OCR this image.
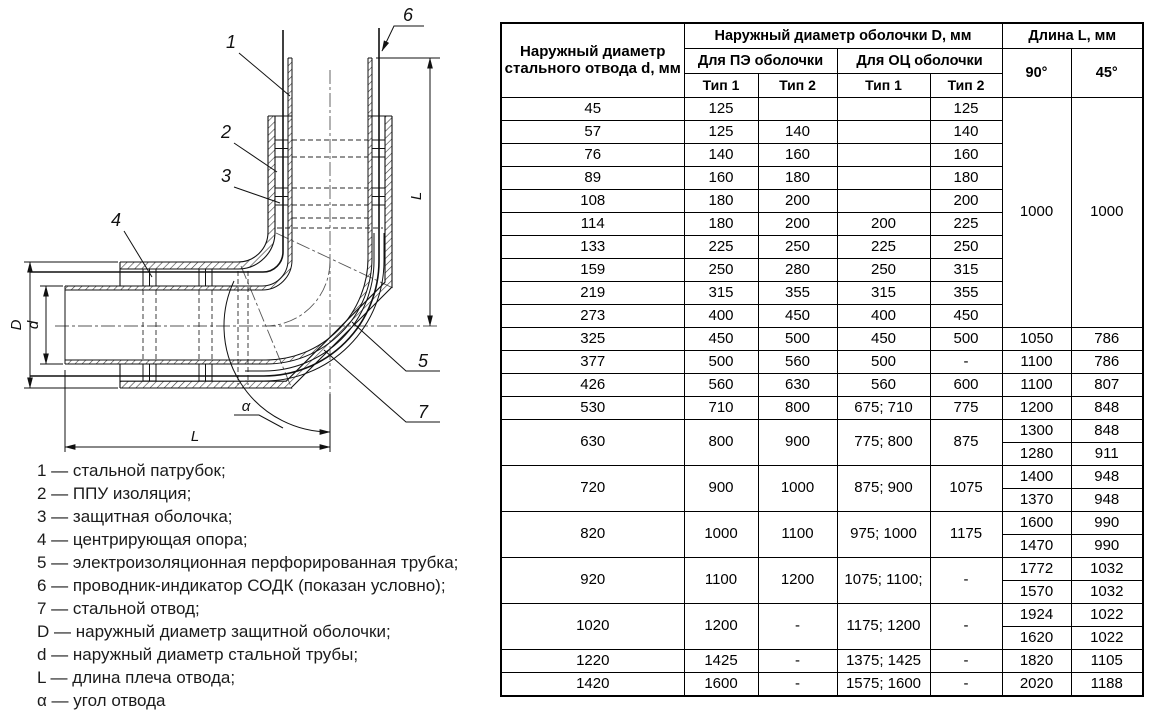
D d
L
L
α
1
2
3
4
5
6
7
1 — стальной патрубок;
2 — ППУ изоляция;
3 — защитная оболочка;
4 — центрирующая опора;
5 — электроизоляционная перфорированная трубка;
6 — проводник-индикатор СОДК (показан условно);
7 — стальной отвод;
D — наружный диаметр защитной оболочки;
d — наружный диаметр стальной трубы;
L — длина плеча отвода;
α — угол отвода
Наружный диаметр стального отвода d, мм	Наружный диаметр оболочки D, мм				Длина L, мм	
	Для ПЭ оболочки		Для ОЦ оболочки		90°	45°
	Тип 1	Тип 2	Тип 1	Тип 2		
45	125			125	1000	1000
57	125	140		140		
76	140	160		160		
89	160	180		180		
108	180	200		200		
114	180	200	200	225		
133	225	250	225	250		
159	250	280	250	315		
219	315	355	315	355		
273	400	450	400	450		
325	450	500	450	500	1050	786
377	500	560	500	-	1100	786
426	560	630	560	600	1100	807
530	710	800	675; 710	775	1200	848
630	800	900	775; 800	875	1300	848
					1280	911
720	900	1000	875; 900	1075	1400	948
					1370	948
820	1000	1100	975; 1000	1175	1600	990
					1470	990
920	1100	1200	1075; 1100;	-	1772	1032
					1570	1032
1020	1200	-	1175; 1200	-	1924	1022
					1620	1022
1220	1425	-	1375; 1425	-	1820	1105
1420	1600	-	1575; 1600	-	2020	1188
